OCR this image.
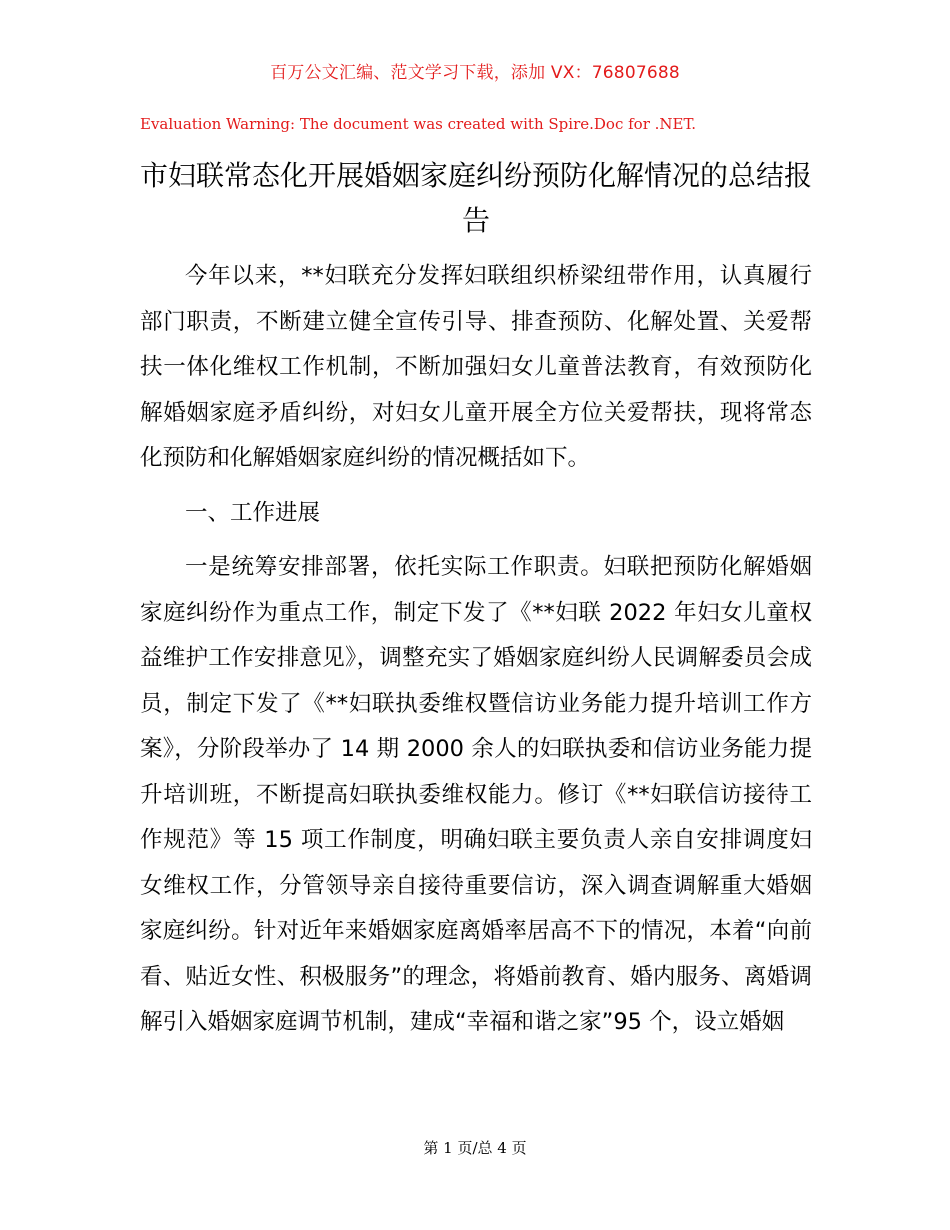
百万公文汇编、范文学习下载，添加 VX：76807688
Evaluation Warning: The document was created with Spire.Doc for .NET.
市妇联常态化开展婚姻家庭纠纷预防化解情况的总结报告

今年以来，**妇联充分发挥妇联组织桥梁纽带作用，认真履行部门职责，不断建立健全宣传引导、排查预防、化解处置、关爱帮扶一体化维权工作机制，不断加强妇女儿童普法教育，有效预防化解婚姻家庭矛盾纠纷，对妇女儿童开展全方位关爱帮扶，现将常态化预防和化解婚姻家庭纠纷的情况概括如下。

一、工作进展

一是统筹安排部署，依托实际工作职责。妇联把预防化解婚姻家庭纠纷作为重点工作，制定下发了《**妇联 2022 年妇女儿童权益维护工作安排意见》，调整充实了婚姻家庭纠纷人民调解委员会成员，制定下发了《**妇联执委维权暨信访业务能力提升培训工作方案》，分阶段举办了 14 期 2000 余人的妇联执委和信访业务能力提升培训班，不断提高妇联执委维权能力。修订《**妇联信访接待工作规范》等 15 项工作制度，明确妇联主要负责人亲自安排调度妇女维权工作，分管领导亲自接待重要信访，深入调查调解重大婚姻家庭纠纷。针对近年来婚姻家庭离婚率居高不下的情况，本着“向前看、贴近女性、积极服务”的理念，将婚前教育、婚内服务、离婚调解引入婚姻家庭调节机制，建成“幸福和谐之家”95 个，设立婚姻

第 1 页/总 4 页
